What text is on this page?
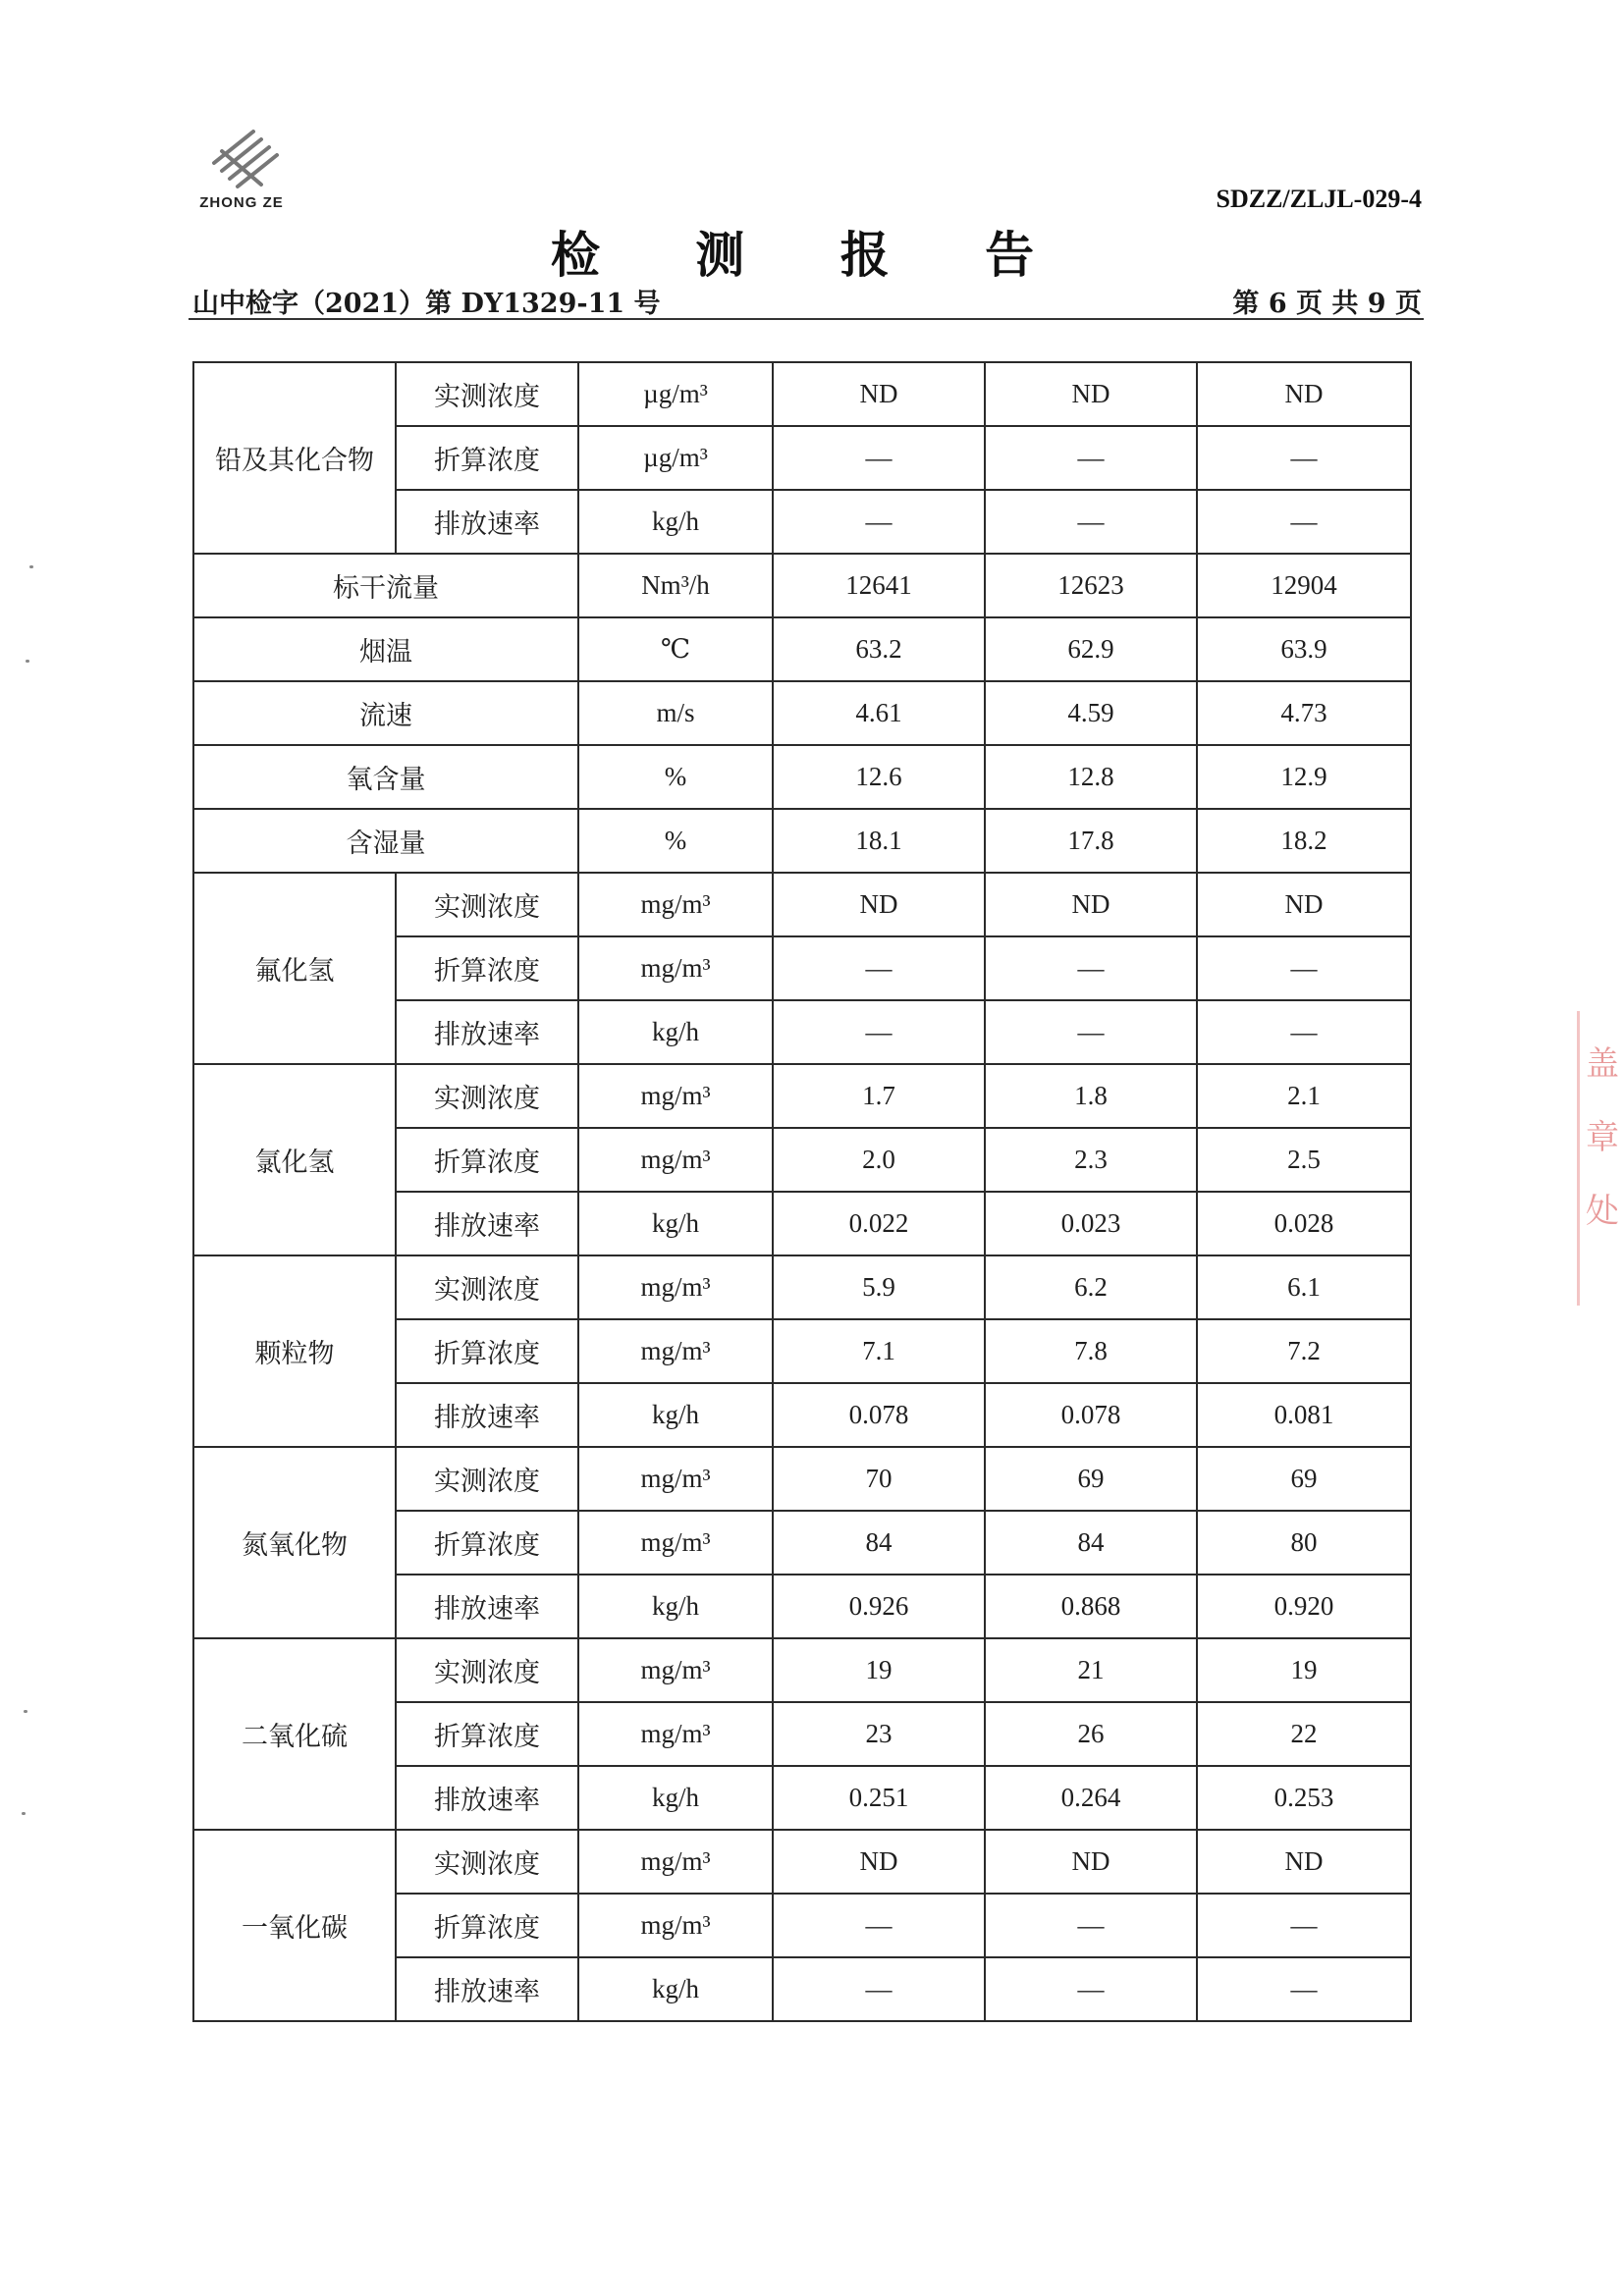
ZHONG ZE	SDZZ/ZLJL-029-4
检 测 报 告
山中检字（2021）第 DY1329-11 号	第 6 页 共 9 页
铅及其化合物	实测浓度	µg/m³	ND	ND	ND
	折算浓度	µg/m³	—	—	—
	排放速率	kg/h	—	—	—
标干流量		Nm³/h	12641	12623	12904
烟温		℃	63.2	62.9	63.9
流速		m/s	4.61	4.59	4.73
氧含量		%	12.6	12.8	12.9
含湿量		%	18.1	17.8	18.2
氟化氢	实测浓度	mg/m³	ND	ND	ND
	折算浓度	mg/m³	—	—	—
	排放速率	kg/h	—	—	—
氯化氢	实测浓度	mg/m³	1.7	1.8	2.1
	折算浓度	mg/m³	2.0	2.3	2.5
	排放速率	kg/h	0.022	0.023	0.028
颗粒物	实测浓度	mg/m³	5.9	6.2	6.1
	折算浓度	mg/m³	7.1	7.8	7.2
	排放速率	kg/h	0.078	0.078	0.081
氮氧化物	实测浓度	mg/m³	70	69	69
	折算浓度	mg/m³	84	84	80
	排放速率	kg/h	0.926	0.868	0.920
二氧化硫	实测浓度	mg/m³	19	21	19
	折算浓度	mg/m³	23	26	22
	排放速率	kg/h	0.251	0.264	0.253
一氧化碳	实测浓度	mg/m³	ND	ND	ND
	折算浓度	mg/m³	—	—	—
	排放速率	kg/h	—	—	—
盖
章
处
